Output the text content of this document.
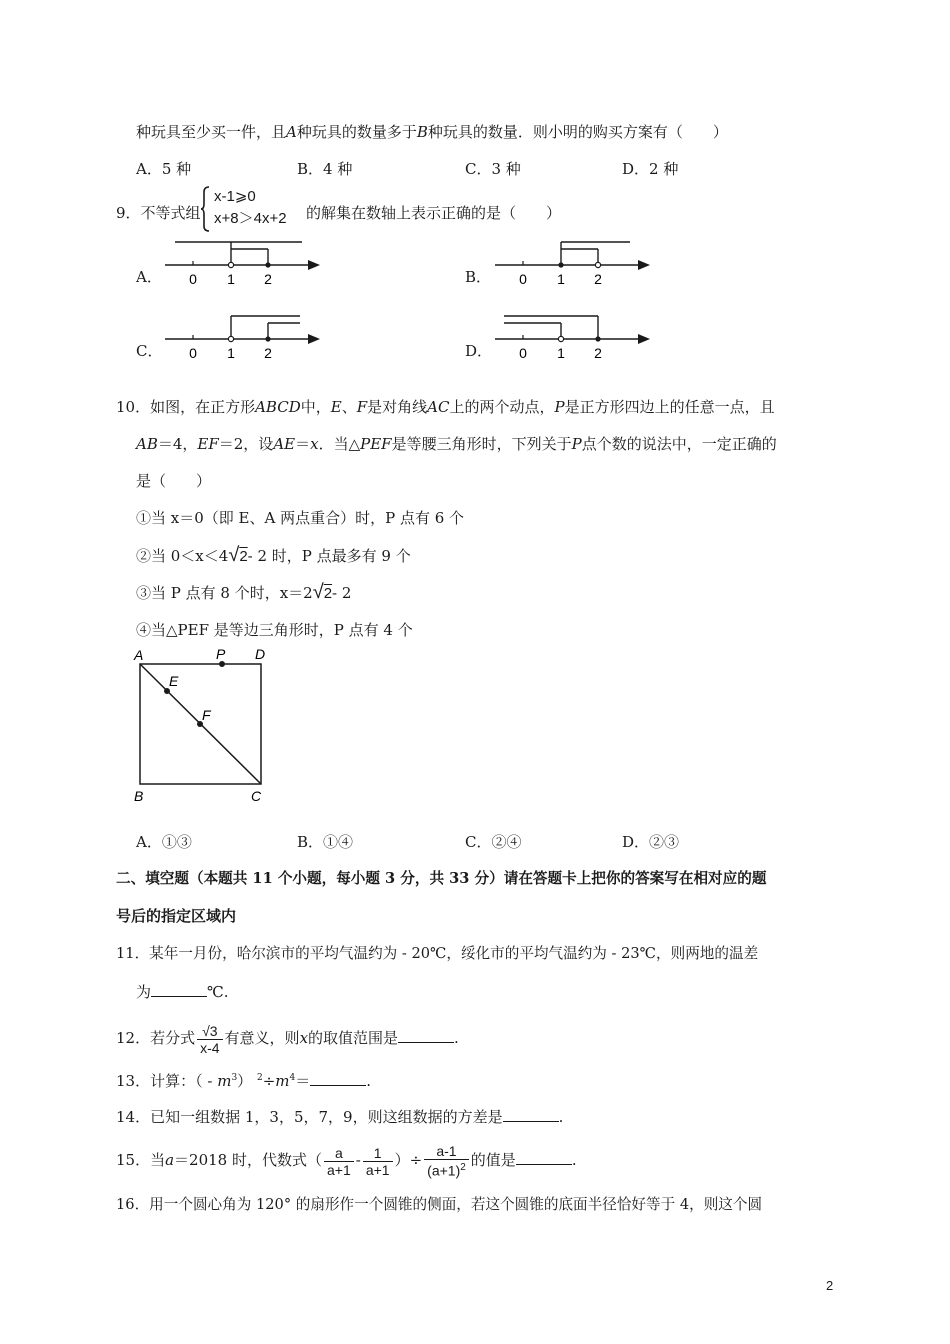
种玩具至少买一件，且A种玩具的数量多于B种玩具的数量．则小明的购买方案有（　　）
A．5 种	B．4 种	C．3 种	D．2 种
9．不等式组
x-1⩾0
x+8＞4x+2 的解集在数轴上表示正确的是（　　）
A． 0 1 2	B． 0 1 2
C． 0 1 2	D． 0 1 2
10．如图，在正方形ABCD中，E、F是对角线AC上的两个动点，P是正方形四边上的任意一点，且
AB＝4，EF＝2，设AE＝x．当△PEF是等腰三角形时，下列关于P点个数的说法中，一定正确的
是（　　）
①当 x＝0（即 E、A 两点重合）时，P 点有 6 个
②当 0＜x＜4√2- 2 时，P 点最多有 9 个
③当 P 点有 8 个时，x＝2√2- 2
④当△PEF 是等边三角形时，P 点有 4 个
A	P D
E
F
B	C
A．①③	B．①④	C．②④	D．②③
二、填空题（本题共 11 个小题，每小题 3 分，共 33 分）请在答题卡上把你的答案写在相对应的题
号后的指定区域内
11．某年一月份，哈尔滨市的平均气温约为 - 20℃，绥化市的平均气温约为 - 23℃，则两地的温差
为	℃.
12．若分式 $\frac{√3}{x-4}$ 有意义，则x的取值范围是	.
13．计算：（ - $m^3$） $^2\div m^4=$	.
14．已知一组数据 1，3，5，7，9，则这组数据的方差是	.
15．当a＝2018 时，代数式（ $\frac{a}{a+1} - \frac{1}{a+1}$ ）÷ $\frac{a-1}{(a+1)^2}$ 的值是	.
16．用一个圆心角为 120° 的扇形作一个圆锥的侧面，若这个圆锥的底面半径恰好等于 4，则这个圆
2
